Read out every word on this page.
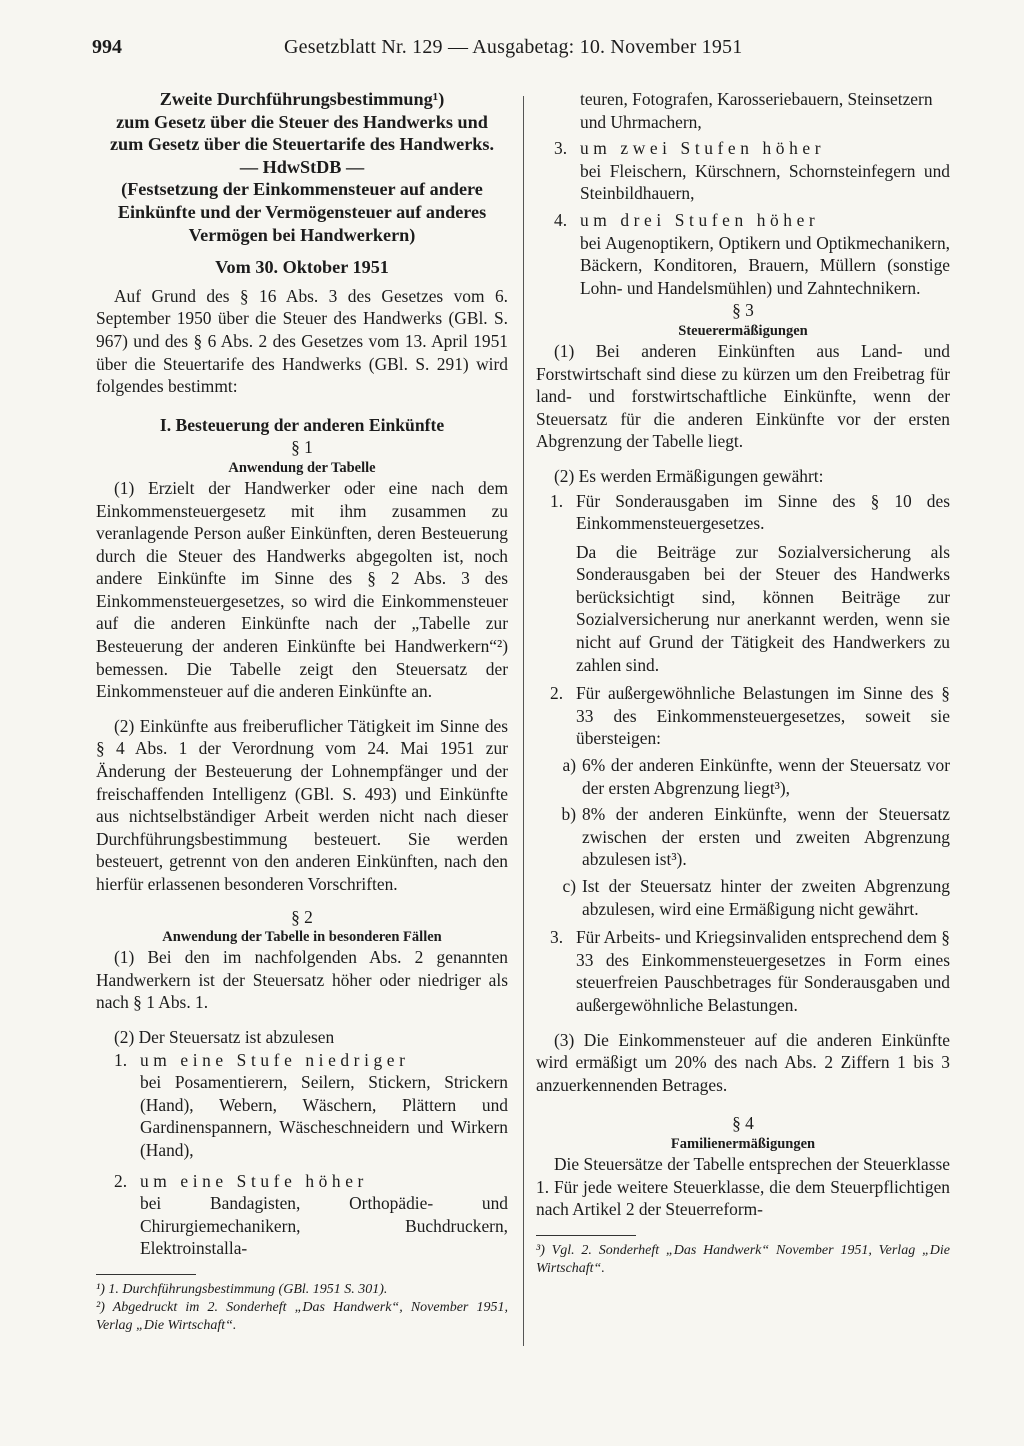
994	Gesetzblatt Nr. 129 — Ausgabetag: 10. November 1951
Zweite Durchführungsbestimmung¹)
zum Gesetz über die Steuer des Handwerks und
zum Gesetz über die Steuertarife des Handwerks.
— HdwStDB —
(Festsetzung der Einkommensteuer auf andere
Einkünfte und der Vermögensteuer auf anderes
Vermögen bei Handwerkern)
Vom 30. Oktober 1951

Auf Grund des § 16 Abs. 3 des Gesetzes vom 6. September 1950 über die Steuer des Handwerks (GBl. S. 967) und des § 6 Abs. 2 des Gesetzes vom 13. April 1951 über die Steuertarife des Handwerks (GBl. S. 291) wird folgendes bestimmt:

I. Besteuerung der anderen Einkünfte
§ 1
Anwendung der Tabelle

(1) Erzielt der Handwerker oder eine nach dem Einkommensteuergesetz mit ihm zusammen zu veranlagende Person außer Einkünften, deren Besteuerung durch die Steuer des Handwerks abgegolten ist, noch andere Einkünfte im Sinne des § 2 Abs. 3 des Einkommensteuergesetzes, so wird die Einkommensteuer auf die anderen Einkünfte nach der „Tabelle zur Besteuerung der anderen Einkünfte bei Handwerkern“²) bemessen. Die Tabelle zeigt den Steuersatz der Einkommensteuer auf die anderen Einkünfte an.

(2) Einkünfte aus freiberuflicher Tätigkeit im Sinne des § 4 Abs. 1 der Verordnung vom 24. Mai 1951 zur Änderung der Besteuerung der Lohnempfänger und der freischaffenden Intelligenz (GBl. S. 493) und Einkünfte aus nichtselbständiger Arbeit werden nicht nach dieser Durchführungsbestimmung besteuert. Sie werden besteuert, getrennt von den anderen Einkünften, nach den hierfür erlassenen besonderen Vorschriften.

§ 2
Anwendung der Tabelle in besonderen Fällen

(1) Bei den im nachfolgenden Abs. 2 genannten Handwerkern ist der Steuersatz höher oder niedriger als nach § 1 Abs. 1.

(2) Der Steuersatz ist abzulesen

1. um eine Stufe niedriger
bei Posamentierern, Seilern, Stickern, Strickern (Hand), Webern, Wäschern, Plättern und Gardinenspannern, Wäscheschneidern und Wirkern (Hand),
2. um eine Stufe höher
bei Bandagisten, Orthopädie- und Chirurgiemechanikern, Buchdruckern, Elektroinstalla-
¹) 1. Durchführungsbestimmung (GBl. 1951 S. 301).
²) Abgedruckt im 2. Sonderheft „Das Handwerk“, November 1951, Verlag „Die Wirtschaft“.
teuren, Fotografen, Karosseriebauern, Steinsetzern und Uhrmachern,
3. um zwei Stufen höher
bei Fleischern, Kürschnern, Schornsteinfegern und Steinbildhauern,
4. um drei Stufen höher
bei Augenoptikern, Optikern und Optikmechanikern, Bäckern, Konditoren, Brauern, Müllern (sonstige Lohn- und Handelsmühlen) und Zahntechnikern.
§ 3
Steuerermäßigungen

(1) Bei anderen Einkünften aus Land- und Forstwirtschaft sind diese zu kürzen um den Freibetrag für land- und forstwirtschaftliche Einkünfte, wenn der Steuersatz für die anderen Einkünfte vor der ersten Abgrenzung der Tabelle liegt.

(2) Es werden Ermäßigungen gewährt:

1. Für Sonderausgaben im Sinne des § 10 des Einkommensteuergesetzes.
Da die Beiträge zur Sozialversicherung als Sonderausgaben bei der Steuer des Handwerks berücksichtigt sind, können Beiträge zur Sozialversicherung nur anerkannt werden, wenn sie nicht auf Grund der Tätigkeit des Handwerkers zu zahlen sind.
2. Für außergewöhnliche Belastungen im Sinne des § 33 des Einkommensteuergesetzes, soweit sie übersteigen:
a) 6% der anderen Einkünfte, wenn der Steuersatz vor der ersten Abgrenzung liegt³),
b) 8% der anderen Einkünfte, wenn der Steuersatz zwischen der ersten und zweiten Abgrenzung abzulesen ist³).
c) Ist der Steuersatz hinter der zweiten Abgrenzung abzulesen, wird eine Ermäßigung nicht gewährt.
3. Für Arbeits- und Kriegsinvaliden entsprechend dem § 33 des Einkommensteuergesetzes in Form eines steuerfreien Pauschbetrages für Sonderausgaben und außergewöhnliche Belastungen.

(3) Die Einkommensteuer auf die anderen Einkünfte wird ermäßigt um 20% des nach Abs. 2 Ziffern 1 bis 3 anzuerkennenden Betrages.

§ 4
Familienermäßigungen

Die Steuersätze der Tabelle entsprechen der Steuerklasse 1. Für jede weitere Steuerklasse, die dem Steuerpflichtigen nach Artikel 2 der Steuerreform-

³) Vgl. 2. Sonderheft „Das Handwerk“ November 1951, Verlag „Die Wirtschaft“.
